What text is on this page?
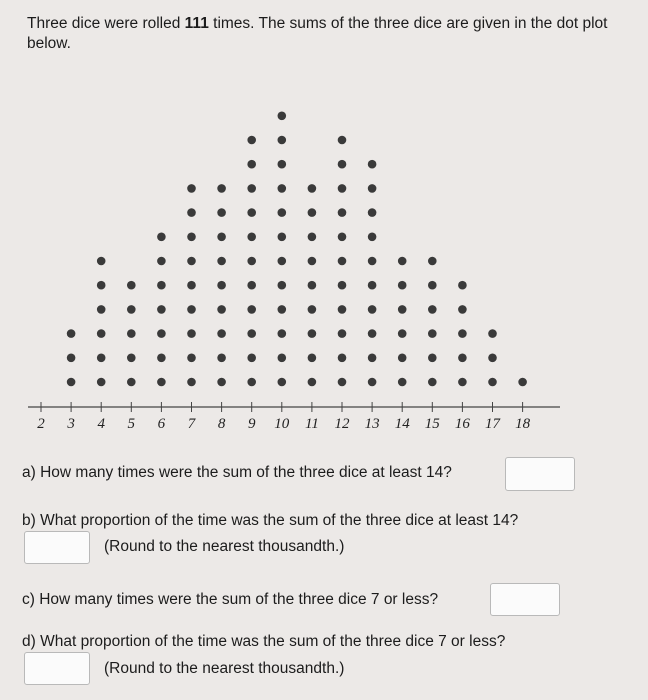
Three dice were rolled 111 times. The sums of the three dice are given in the dot plot below.
2 3 4 5 6 7 8 9 10 11 12 13 14 15 16 17 18
a) How many times were the sum of the three dice at least 14?
b) What proportion of the time was the sum of the three dice at least 14?
(Round to the nearest thousandth.)
c) How many times were the sum of the three dice 7 or less?
d) What proportion of the time was the sum of the three dice 7 or less?
(Round to the nearest thousandth.)
